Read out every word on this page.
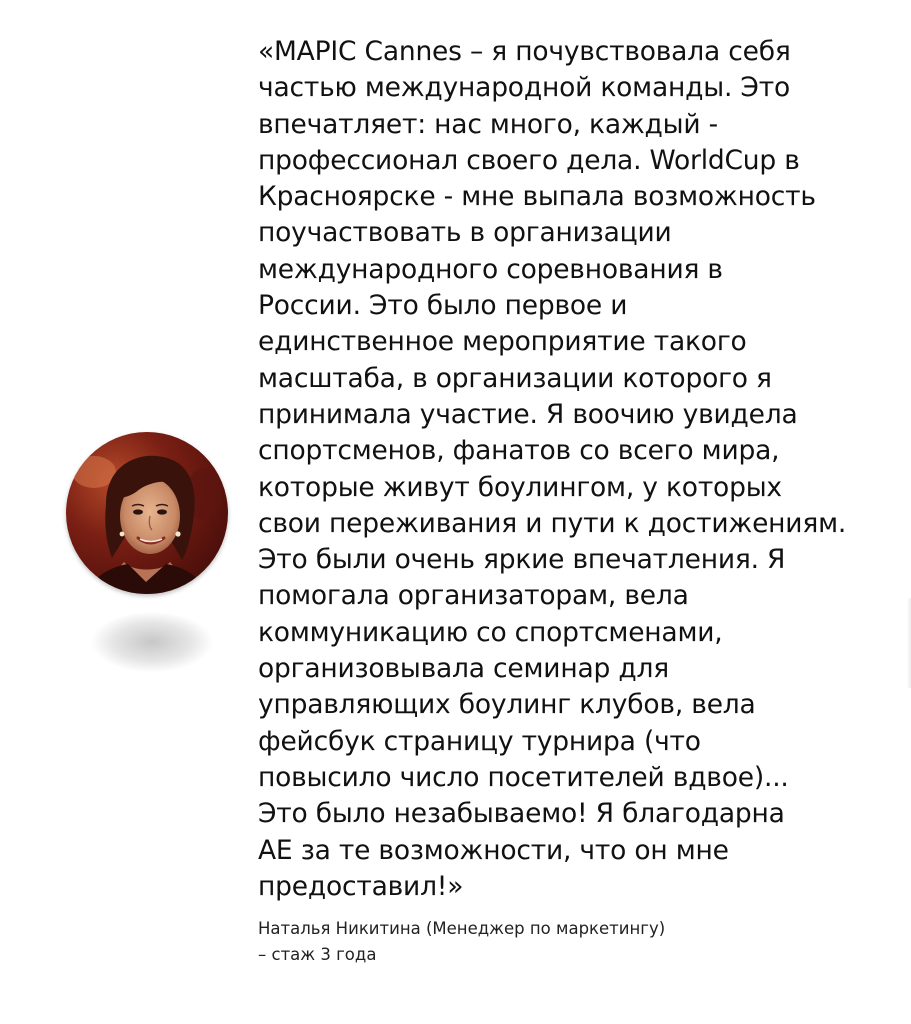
«MAPIC Cannes – я почувствовала себя
частью международной команды. Это
впечатляет: нас много, каждый -
профессионал своего дела. WorldCup в
Красноярске - мне выпала возможность
поучаствовать в организации
международного соревнования в
России. Это было первое и
единственное мероприятие такого
масштаба, в организации которого я
принимала участие. Я воочию увидела
спортсменов, фанатов со всего мира,
которые живут боулингом, у которых
свои переживания и пути к достижениям.
Это были очень яркие впечатления. Я
помогала организаторам, вела
коммуникацию со спортсменами,
организовывала семинар для
управляющих боулинг клубов, вела
фейсбук страницу турнира (что
повысило число посетителей вдвое)...
Это было незабываемо! Я благодарна
АЕ за те возможности, что он мне
предоставил!»

Наталья Никитина (Менеджер по маркетингу)
– стаж 3 года
